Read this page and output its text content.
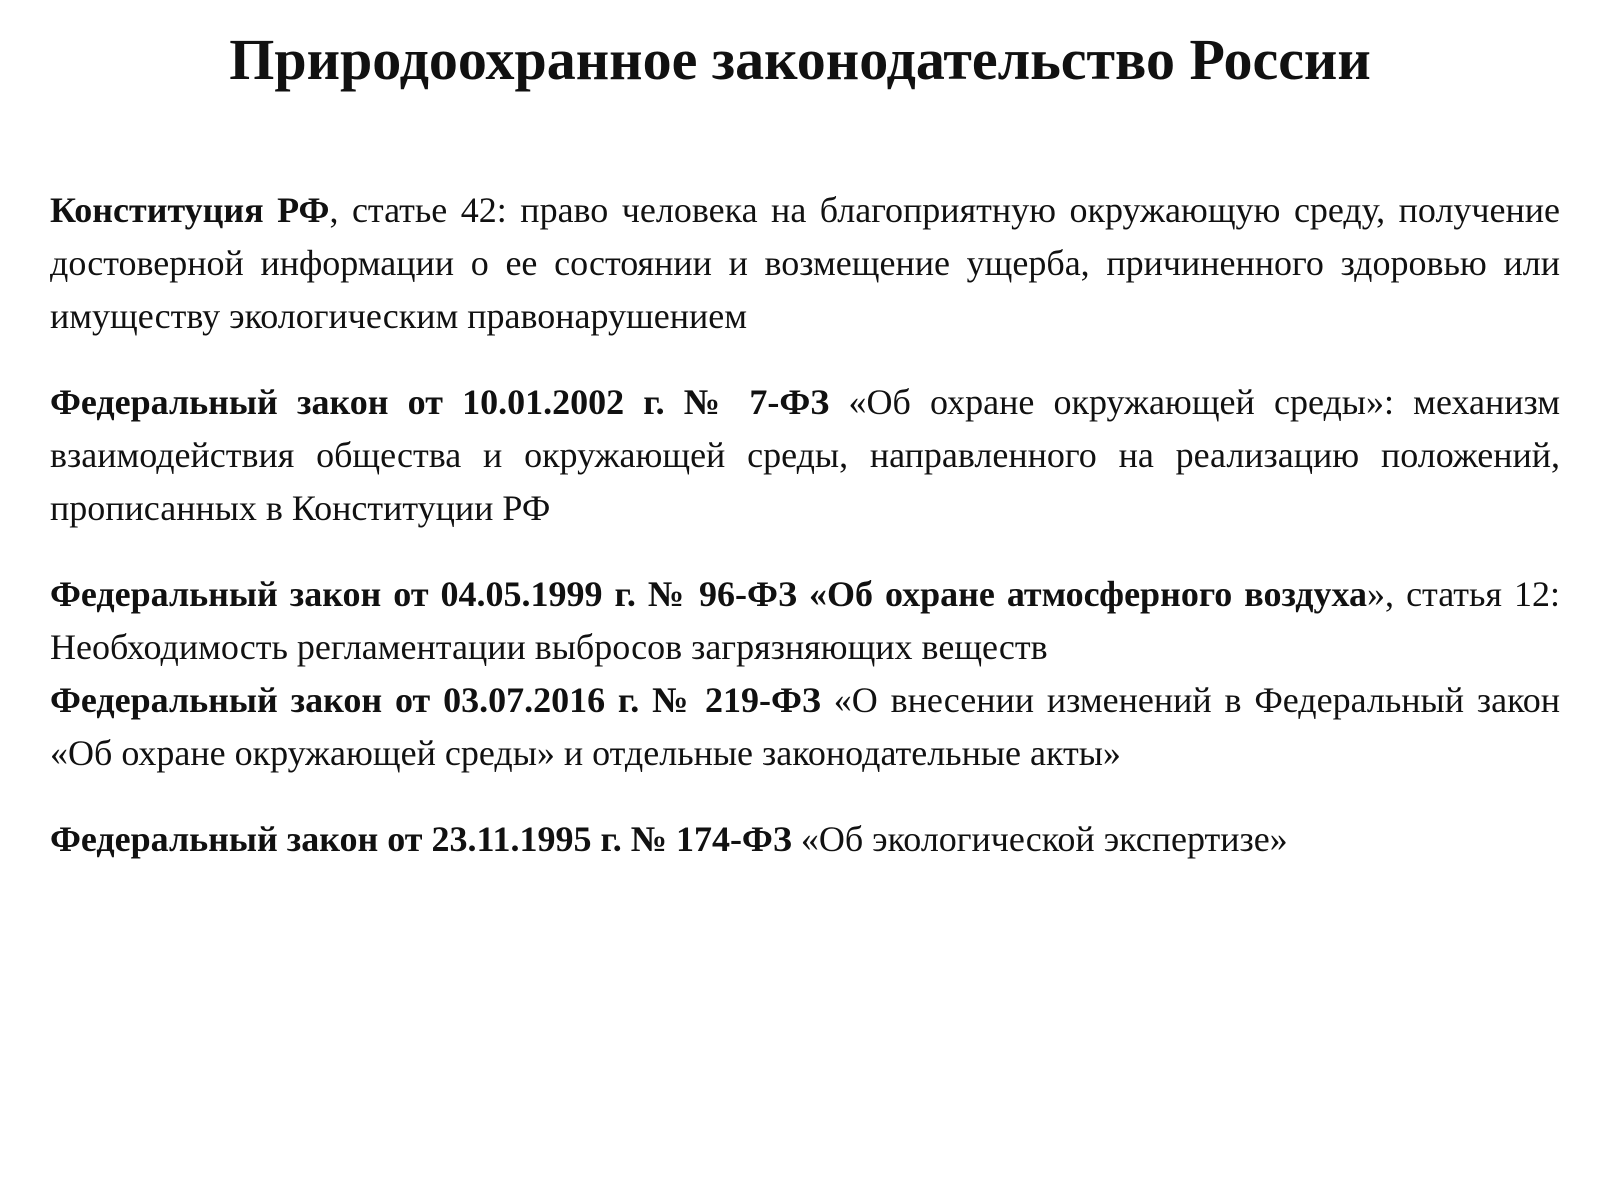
Природоохранное законодательство России

Конституция РФ, статье 42: право человека на благоприятную окружающую среду, получение достоверной информации о ее состоянии и возмещение ущерба, причиненного здоровью или имуществу экологическим правонарушением

Федеральный закон от 10.01.2002 г. № 7-ФЗ «Об охране окружающей среды»: механизм взаимодействия общества и окружающей среды, направленного на реализацию положений, прописанных в Конституции РФ

Федеральный закон от 04.05.1999 г. № 96-ФЗ «Об охране атмосферного воздуха», статья 12: Необходимость регламентации выбросов загрязняющих веществ

Федеральный закон от 03.07.2016 г. № 219-ФЗ «О внесении изменений в Федеральный закон «Об охране окружающей среды» и отдельные законодательные акты»

Федеральный закон от 23.11.1995 г. № 174-ФЗ «Об экологической экспертизе»
